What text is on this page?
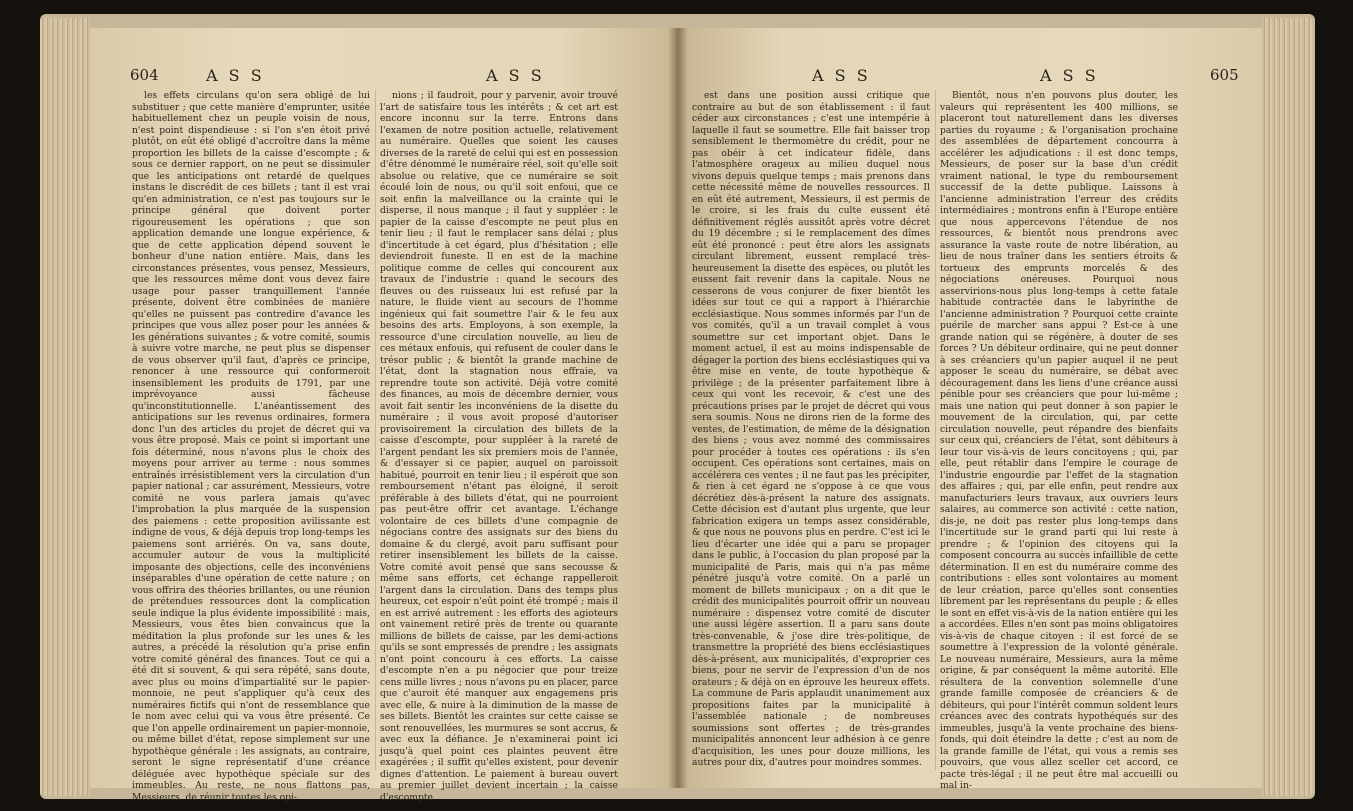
604	A S S	A S S

les effets circulans qu'on sera obligé de lui substituer ; que cette manière d'emprunter, usitée habituellement chez un peuple voisin de nous, n'est point dispendieuse : si l'on s'en étoit privé plutôt, on eût été obligé d'accroître dans la même proportion les billets de la caisse d'escompte ; & sous ce dernier rapport, on ne peut se dissimuler que les anticipations ont retardé de quelques instans le discrédit de ces billets ; tant il est vrai qu'en administration, ce n'est pas toujours sur le principe général que doivent porter rigoureusement les opérations ; que son application demande une longue expérience, & que de cette application dépend souvent le bonheur d'une nation entière. Mais, dans les circonstances présentes, vous pensez, Messieurs, que les ressources même dont vous devez faire usage pour passer tranquillement l'année présente, doivent être combinées de manière qu'elles ne puissent pas contredire d'avance les principes que vous allez poser pour les années & les générations suivantes ; & votre comité, soumis à suivre votre marche, ne peut plus se dispenser de vous observer qu'il faut, d'après ce principe, renoncer à une ressource qui conformeroit insensiblement les produits de 1791, par une imprévoyance aussi fâcheuse qu'inconstitutionnelle. L'anéantissement des anticipations sur les revenus ordinaires, formera donc l'un des articles du projet de décret qui va vous être proposé. Mais ce point si important une fois déterminé, nous n'avons plus le choix des moyens pour arriver au terme : nous sommes entraînés irrésistiblement vers la circulation d'un papier national ; car assurément, Messieurs, votre comité ne vous parlera jamais qu'avec l'improbation la plus marquée de la suspension des paiemens : cette proposition avilissante est indigne de vous, & déjà depuis trop long-temps les paiemens sont arriérés. On va, sans doute, accumuler autour de vous la multiplicité imposante des objections, celle des inconvéniens inséparables d'une opération de cette nature ; on vous offrira des théories brillantes, ou une réunion de prétendues ressources dont la complication seule indique la plus évidente impossibilité : mais, Messieurs, vous êtes bien convaincus que la méditation la plus profonde sur les unes & les autres, a précédé la résolution qu'a prise enfin votre comité général des finances. Tout ce qui a été dit si souvent, & qui sera répété, sans doute, avec plus ou moins d'impartialité sur le papier-monnoie, ne peut s'appliquer qu'à ceux des numéraires fictifs qui n'ont de ressemblance que le nom avec celui qui va vous être présenté. Ce que l'on appelle ordinairement un papier-monnoie, ou même billet d'état, repose simplement sur une hypothèque générale : les assignats, au contraire, seront le signe représentatif d'une créance déléguée avec hypothèque spéciale sur des immeubles. Au reste, ne nous flattons pas, Messieurs, de réunir toutes les opi-

nions ; il faudroit, pour y parvenir, avoir trouvé l'art de satisfaire tous les intérêts ; & cet art est encore inconnu sur la terre. Entrons dans l'examen de notre position actuelle, relativement au numéraire. Quelles que soient les causes diverses de la rareté de celui qui est en possession d'être dénommé le numéraire réel, soit qu'elle soit absolue ou relative, que ce numéraire se soit écoulé loin de nous, ou qu'il soit enfoui, que ce soit enfin la malveillance ou la crainte qui le disperse, il nous manque ; il faut y suppléer : le papier de la caisse d'escompte ne peut plus en tenir lieu ; il faut le remplacer sans délai ; plus d'incertitude à cet égard, plus d'hésitation ; elle deviendroit funeste. Il en est de la machine politique comme de celles qui concourent aux travaux de l'industrie : quand le secours des fleuves ou des ruisseaux lui est refusé par la nature, le fluide vient au secours de l'homme ingénieux qui fait soumettre l'air & le feu aux besoins des arts. Employons, à son exemple, la ressource d'une circulation nouvelle, au lieu de ces métaux enfouis, qui refusent de couler dans le trésor public ; & bientôt la grande machine de l'état, dont la stagnation nous effraie, va reprendre toute son activité. Déjà votre comité des finances, au mois de décembre dernier, vous avoit fait sentir les inconvéniens de la disette du numéraire ; il vous avoit proposé d'autoriser provisoirement la circulation des billets de la caisse d'escompte, pour suppléer à la rareté de l'argent pendant les six premiers mois de l'année, & d'essayer si ce papier, auquel on paroissoit habitué, pourroit en tenir lieu ; il espéroit que son remboursement n'étant pas éloigné, il seroit préférable à des billets d'état, qui ne pourroient pas peut-être offrir cet avantage. L'échange volontaire de ces billets d'une compagnie de négocians contre des assignats sur des biens du domaine & du clergé, avoit paru suffisant pour retirer insensiblement les billets de la caisse. Votre comité avoit pensé que sans secousse & même sans efforts, cet échange rappelleroit l'argent dans la circulation. Dans des temps plus heureux, cet espoir n'eût point été trompé ; mais il en est arrivé autrement : les efforts des agioteurs ont vainement retiré près de trente ou quarante millions de billets de caisse, par les demi-actions qu'ils se sont empressés de prendre ; les assignats n'ont point concouru à ces efforts. La caisse d'escompte n'en a pu négocier que pour treize cens mille livres ; nous n'avons pu en placer, parce que c'auroit été manquer aux engagemens pris avec elle, & nuire à la diminution de la masse de ses billets. Bientôt les craintes sur cette caisse se sont renouvellées, les murmures se sont accrus, & avec eux la défiance. Je n'examinerai point ici jusqu'à quel point ces plaintes peuvent être exagérées ; il suffit qu'elles existent, pour devenir dignes d'attention. Le paiement à bureau ouvert au premier juillet devient incertain ; la caisse d'escompte

A S S	A S S	605

est dans une position aussi critique que contraire au but de son établissement : il faut céder aux circonstances ; c'est une intempérie à laquelle il faut se soumettre. Elle fait baisser trop sensiblement le thermomètre du crédit, pour ne pas obéir à cet indicateur fidèle, dans l'atmosphère orageux au milieu duquel nous vivons depuis quelque temps ; mais prenons dans cette nécessité même de nouvelles ressources. Il en eût été autrement, Messieurs, il est permis de le croire, si les frais du culte eussent été définitivement réglés aussitôt après votre décret du 19 décembre ; si le remplacement des dîmes eût été prononcé : peut être alors les assignats circulant librement, eussent remplacé très-heureusement la disette des espèces, ou plutôt les eussent fait revenir dans la capitale. Nous ne cesserons de vous conjurer de fixer bientôt les idées sur tout ce qui a rapport à l'hiérarchie ecclésiastique. Nous sommes informés par l'un de vos comités, qu'il a un travail complet à vous soumettre sur cet important objet. Dans le moment actuel, il est au moins indispensable de dégager la portion des biens ecclésiastiques qui va être mise en vente, de toute hypothèque & privilège ; de la présenter parfaitement libre à ceux qui vont les recevoir, & c'est une des précautions prises par le projet de décret qui vous sera soumis. Nous ne dirons rien de la forme des ventes, de l'estimation, de même de la désignation des biens ; vous avez nommé des commissaires pour procéder à toutes ces opérations : ils s'en occupent. Ces opérations sont certaines, mais on accélérera ces ventes ; il ne faut pas les précipiter, & rien à cet égard ne s'oppose à ce que vous décrétiez dès-à-présent la nature des assignats. Cette décision est d'autant plus urgente, que leur fabrication exigera un temps assez considérable, & que nous ne pouvons plus en perdre. C'est ici le lieu d'écarter une idée qui a paru se propager dans le public, à l'occasion du plan proposé par la municipalité de Paris, mais qui n'a pas même pénétré jusqu'à votre comité. On a parlé un moment de billets municipaux ; on a dit que le crédit des municipalités pourroit offrir un nouveau numéraire : dispensez votre comité de discuter une aussi légère assertion. Il a paru sans doute très-convenable, & j'ose dire très-politique, de transmettre la propriété des biens ecclésiastiques dès-à-présent, aux municipalités, d'exproprier ces biens, pour ne servir de l'expression d'un de nos orateurs ; & déjà on en éprouve les heureux effets. La commune de Paris applaudit unanimement aux propositions faites par la municipalité à l'assemblée nationale ; de nombreuses soumissions sont offertes ; de très-grandes municipalités annoncent leur adhésion à ce genre d'acquisition, les unes pour douze millions, les autres pour dix, d'autres pour moindres sommes.

Bientôt, nous n'en pouvons plus douter, les valeurs qui représentent les 400 millions, se placeront tout naturellement dans les diverses parties du royaume ; & l'organisation prochaine des assemblées de département concourra à accélérer les adjudications : il est donc temps, Messieurs, de poser sur la base d'un crédit vraiment national, le type du remboursement successif de la dette publique. Laissons à l'ancienne administration l'erreur des crédits intermédiaires ; montrons enfin à l'Europe entière que nous appercevons l'étendue de nos ressources, & bientôt nous prendrons avec assurance la vaste route de notre libération, au lieu de nous traîner dans les sentiers étroits & tortueux des emprunts morcelés & des négociations onéreuses. Pourquoi nous asservirions-nous plus long-temps à cette fatale habitude contractée dans le labyrinthe de l'ancienne administration ? Pourquoi cette crainte puérile de marcher sans appui ? Est-ce à une grande nation qui se régénère, à douter de ses forces ? Un débiteur ordinaire, qui ne peut donner à ses créanciers qu'un papier auquel il ne peut apposer le sceau du numéraire, se débat avec découragement dans les liens d'une créance aussi pénible pour ses créanciers que pour lui-même ; mais une nation qui peut donner à son papier le mouvement de la circulation, qui, par cette circulation nouvelle, peut répandre des bienfaits sur ceux qui, créanciers de l'état, sont débiteurs à leur tour vis-à-vis de leurs concitoyens ; qui, par elle, peut rétablir dans l'empire le courage de l'industrie engourdie par l'effet de la stagnation des affaires ; qui, par elle enfin, peut rendre aux manufacturiers leurs travaux, aux ouvriers leurs salaires, au commerce son activité : cette nation, dis-je, ne doit pas rester plus long-temps dans l'incertitude sur le grand parti qui lui reste à prendre ; & l'opinion des citoyens qui la composent concourra au succès infaillible de cette détermination. Il en est du numéraire comme des contributions : elles sont volontaires au moment de leur création, parce qu'elles sont consenties librement par les représentans du peuple ; & elles le sont en effet vis-à-vis de la nation entière qui les a accordées. Elles n'en sont pas moins obligatoires vis-à-vis de chaque citoyen : il est forcé de se soumettre à l'expression de la volonté générale. Le nouveau numéraire, Messieurs, aura la même origine, & par conséquent la même autorité. Elle résultera de la convention solemnelle d'une grande famille composée de créanciers & de débiteurs, qui pour l'intérêt commun soldent leurs créances avec des contrats hypothéqués sur des immeubles, jusqu'à la vente prochaine des biens-fonds, qui doit éteindre la dette ; c'est au nom de la grande famille de l'état, qui vous a remis ses pouvoirs, que vous allez sceller cet accord, ce pacte très-légal ; il ne peut être mal accueilli ou mal in-
